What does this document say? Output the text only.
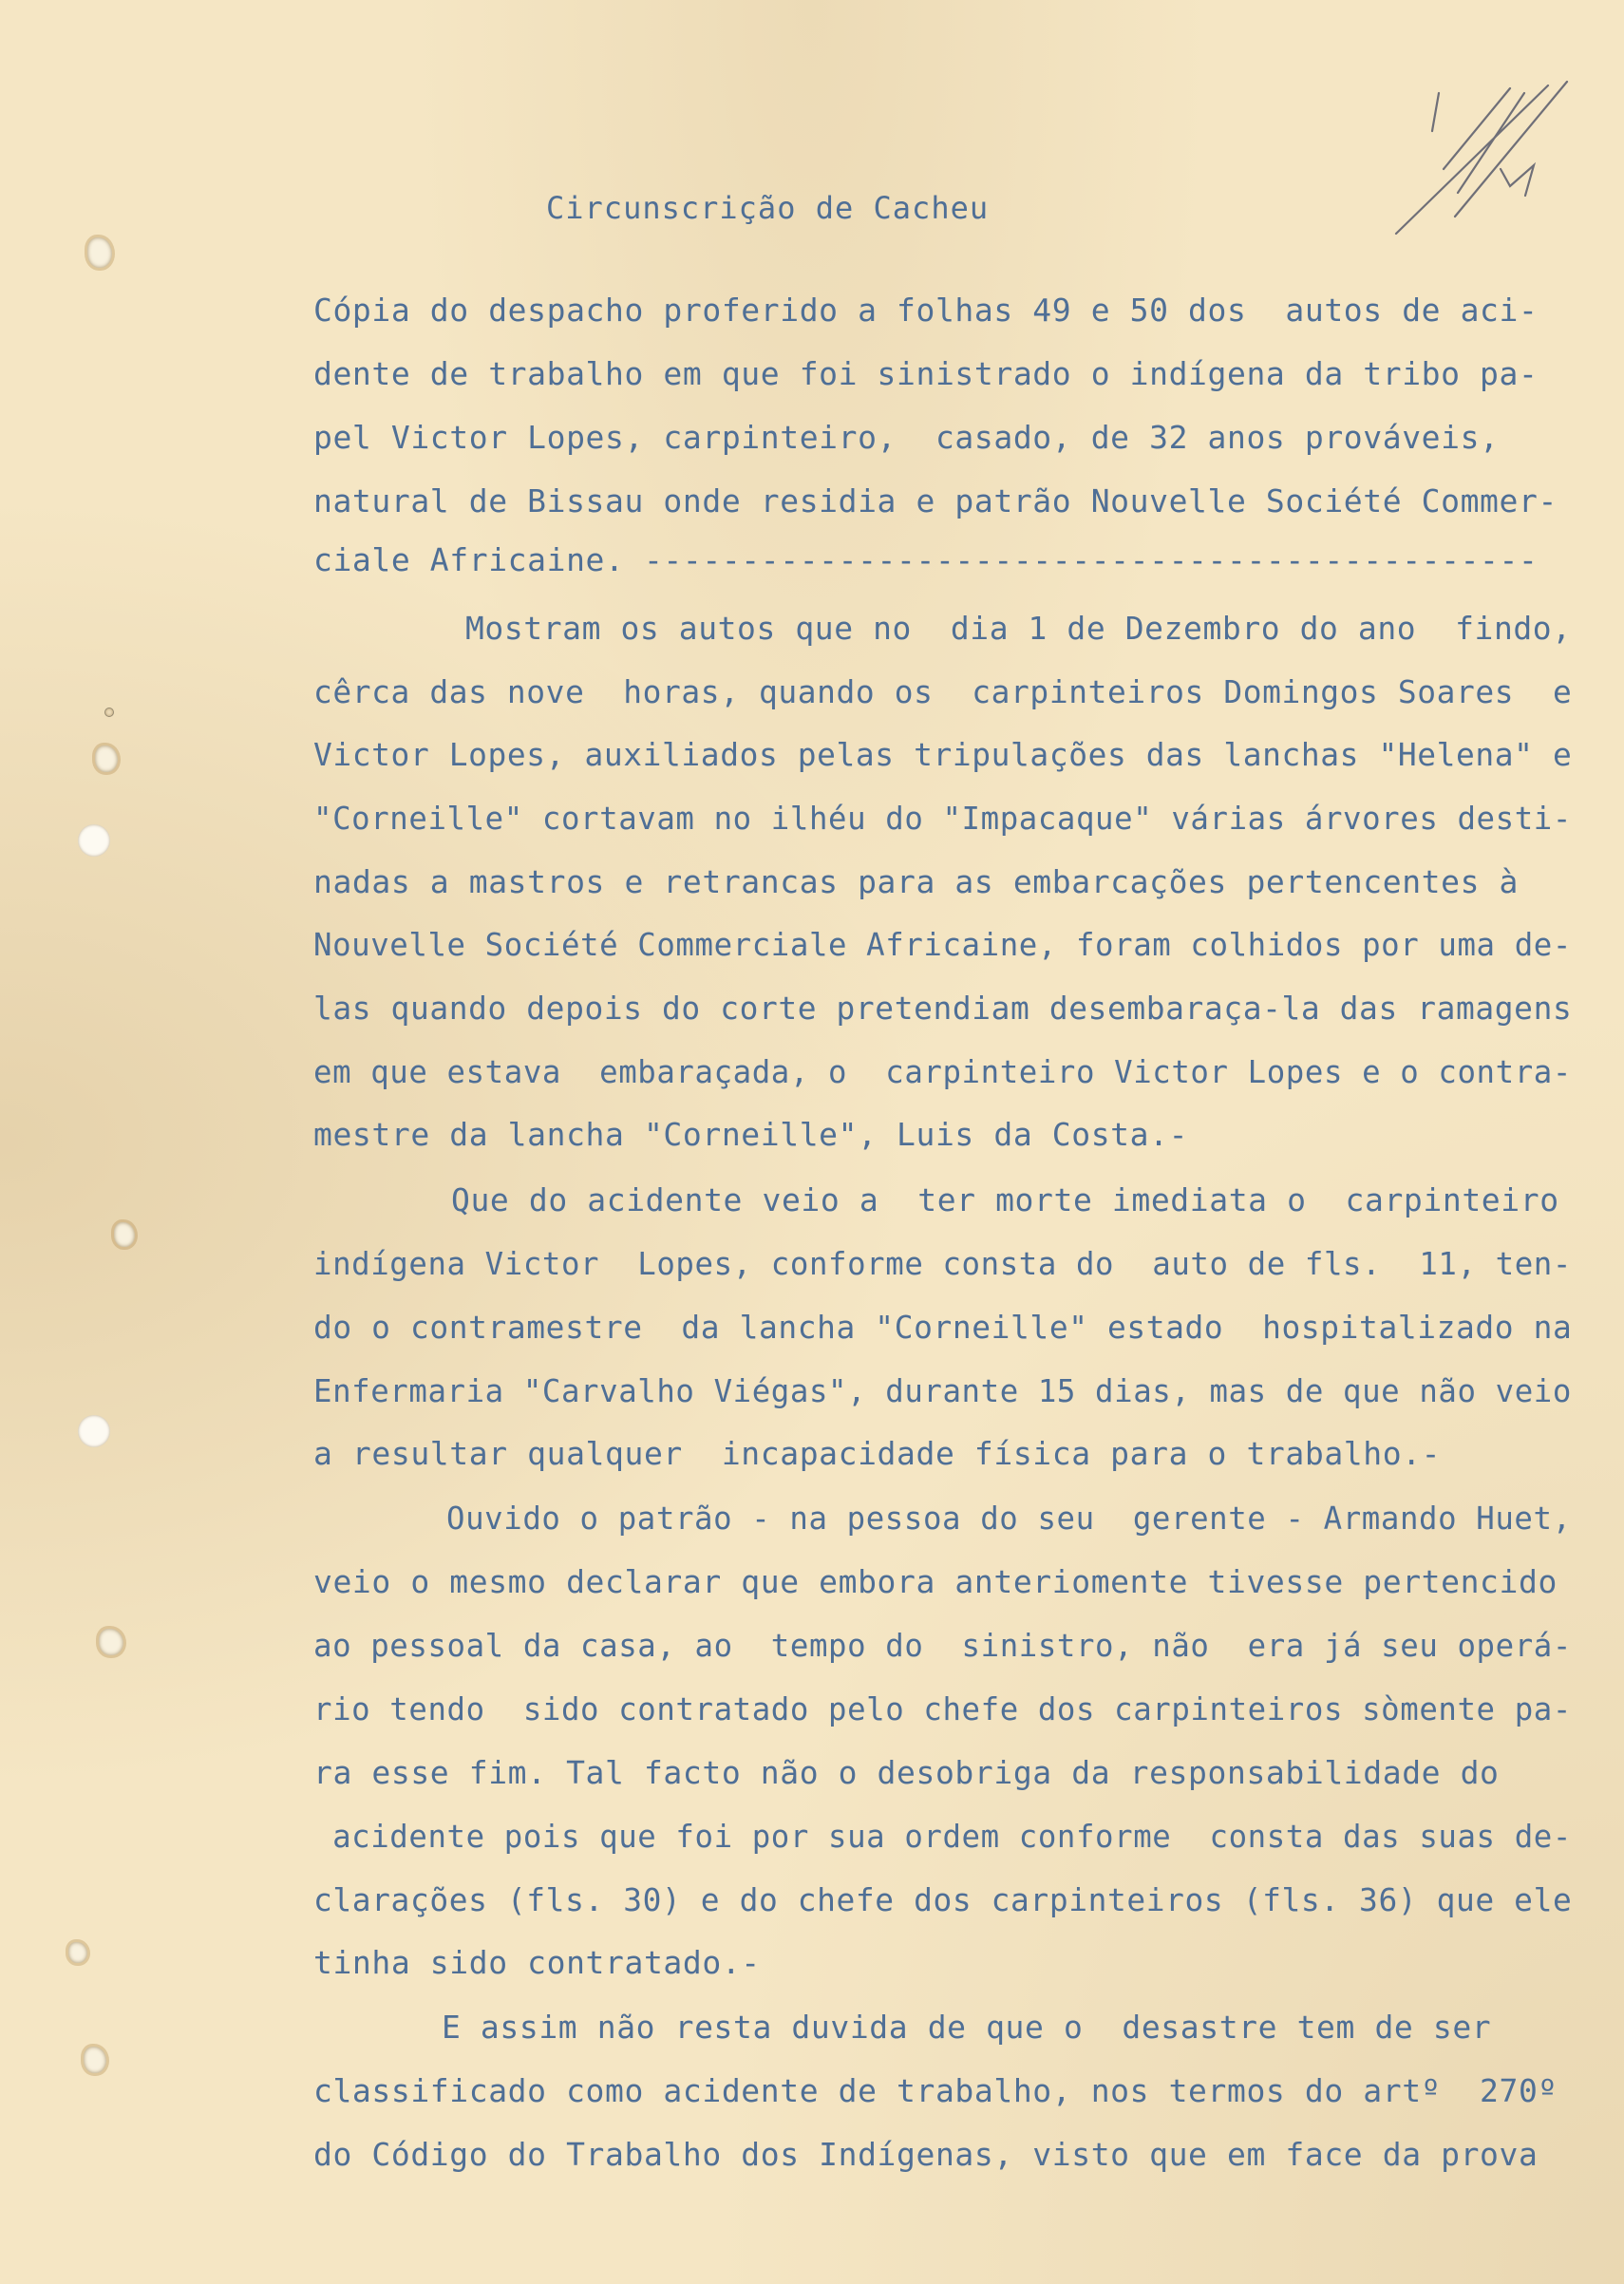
Circunscrição de Cacheu
Cópia do despacho proferido a folhas 49 e 50 dos  autos de aci-
dente de trabalho em que foi sinistrado o indígena da tribo pa-
pel Victor Lopes, carpinteiro,  casado, de 32 anos prováveis,
natural de Bissau onde residia e patrão Nouvelle Société Commer-
ciale Africaine. ----------------------------------------------
Mostram os autos que no  dia 1 de Dezembro do ano  findo,
cêrca das nove  horas, quando os  carpinteiros Domingos Soares  e
Victor Lopes, auxiliados pelas tripulações das lanchas "Helena" e
"Corneille" cortavam no ilhéu do "Impacaque" várias árvores desti-
nadas a mastros e retrancas para as embarcações pertencentes à
Nouvelle Société Commerciale Africaine, foram colhidos por uma de-
las quando depois do corte pretendiam desembaraça-la das ramagens
em que estava  embaraçada, o  carpinteiro Victor Lopes e o contra-
mestre da lancha "Corneille", Luis da Costa.-
Que do acidente veio a  ter morte imediata o  carpinteiro
indígena Victor  Lopes, conforme consta do  auto de fls.  11, ten-
do o contramestre  da lancha "Corneille" estado  hospitalizado na
Enfermaria "Carvalho Viégas", durante 15 dias, mas de que não veio
a resultar qualquer  incapacidade física para o trabalho.-
Ouvido o patrão - na pessoa do seu  gerente - Armando Huet,
veio o mesmo declarar que embora anteriomente tivesse pertencido
ao pessoal da casa, ao  tempo do  sinistro, não  era já seu operá-
rio tendo  sido contratado pelo chefe dos carpinteiros sòmente pa-
ra esse fim. Tal facto não o desobriga da responsabilidade do
acidente pois que foi por sua ordem conforme  consta das suas de-
clarações (fls. 30) e do chefe dos carpinteiros (fls. 36) que ele
tinha sido contratado.-
E assim não resta duvida de que o  desastre tem de ser
classificado como acidente de trabalho, nos termos do artº  270º
do Código do Trabalho dos Indígenas, visto que em face da prova
